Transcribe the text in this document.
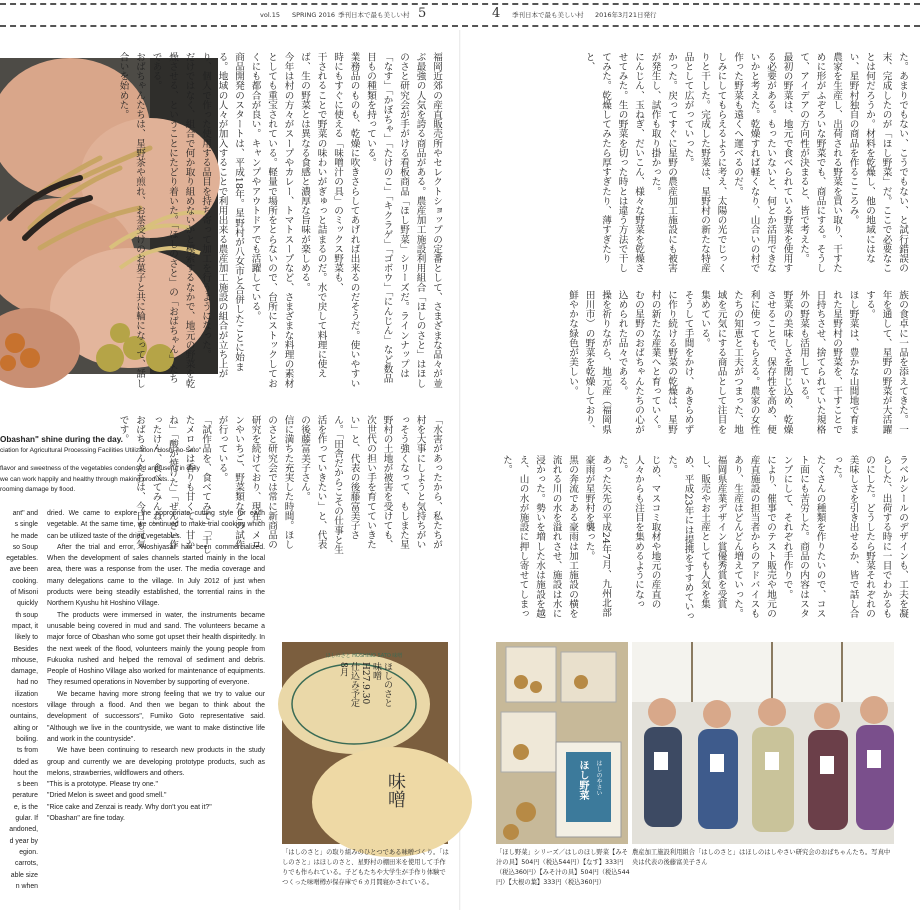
vol.15 SPRING 2016 季刊日本で最も美しい村 5	4 季刊日本で最も美しい村 2016年3月21日発行

福岡近郊の産直販売所やセレクトショップの定番として、さまざまな品々が並ぶ最強の人気を誇る商品がある。農産加工施設利用組合「ほしのさと」はほしのさと研究会が手がける看板商品「ほし野菜」シリーズだ。ラインナップは「なす」「かぼちゃ」「たけのこ」「キクラゲ」「ゴボウ」「にんじん」など数品目もの種類を持っている。

業務品のものも、乾燥に吹きさらしてあげれば出来るのだそうだ。使いやすい時にもすぐに使える「味噌汁の具」のミックス野菜も、

干されることで野菜の味わいがぎゅっと詰まるのだ。水で戻して料理に使えば、生の野菜とは異なる食感と濃厚な旨味が楽しめる。

今年は村の方々がスープやカレー、トマトスープなど、さまざまな料理の素材としても重宝されている。軽量で場所をとらないので、台所にストックしておくにも都合が良い。キャンプやアウトドアでも活躍している。

商品開発のスタートは、平成18年。星野村が八女市と合併したことに始まる。地域の人々が加入することで利用出来る農産加工施設の組合が立ち上がり、個人で作った使用する品目を持ち寄って加工を行うようになった。

だけではなく、組合で何か取り組めないかと模索するなかで、地元の野菜を乾燥させる、ということにたどり着いた。「ほしのさと」の「おばちゃん」たちである。

おばちゃんたちは、星野茶や煎れ、お茶受けのお菓子と共に輪になって、話し合いを始めた。

「水害があったから、私たちが村を大事にしようと気持ちがいっそう強くなって、もしまた星野村の土地が被害を受けても、次世代の担い手を育てていきたい」と、代表の後藤富美子さん。「田舎だからこその仕事と生活を作っていきたい」と、代表の後藤富美子さん。

信に満ちた充実した時間。ほしのさと研究会では常に新商品の研究を続けており、現在、メロンやいちご、野菜類などの試作が行っている。

「試作品を、食べてみて」「干したメロンは香りも甘くて、甘かね」「酸が焼けた」「ぜんざい作ったけん、食べてみんね」

おばちゃんたちは、今日も元気です。

Obashan" shine during the day.
ciation for Agricultural Processing Facilities Utilization "Hoshi-no-Sato"
flavor and sweetness of the vegetables condensed and useful in daily
we can work happily and healthy through making products.
rooming damage by flood.
ant" and
s single
he made
so Soup
egetables.
ave been
cooking.
of Misoni
quickly
th soup
mpact, it
likely to
Besides
mhouse,
damage,
had no
ilization
ncestors
ountains,
alting or
boiling.
ts from
dded as
hout the
s been
perature
e, is the
gular. If
andoned,
d year by
egion.
carrots,
able size
n when

dried. We came to explore the appropriate cutting style for each vegetable. At the same time, we continued to make trial cooking which can be utilized taste of the dried vegetables.

After the trial and error, "Hoshiyasai" has been commercialized. When the development of sales channels started mainly in the local area, there was a response from the user. The media coverage and many delegations came to the village. In July 2012 of just when products were being steadily established, the torrential rains in the Northern Kyushu hit Hoshino Village.

The products were immersed in water, the instruments became unusable being covered in mud and sand. The volunteers became a major force of Obashan who some got upset their health dispiritedly. In the next week of the flood, volunteers mainly the young people from Fukuoka rushed and helped the removal of sediment and debris. People of Hoshino Village also worked for maintenance of equipments. They resumed operations in November by supporting of everyone.

We became having more strong feeling that we try to value our village through a flood. And then we began to think about the development of successors", Fumiko Goto representative said. "Although we live in the countryside, we want to make distinctive life and work in the countryside".

We have been continuing to research new products in the study group and currently we are developing prototype products, such as melons, strawberries, wildflowers and others.

"This is a prototype. Please try one."

"Dried Melon is sweet and good smell."

"Rice cake and Zenzai is ready. Why don't you eat it?"

"Obashan" are fine today.

ほしのさと
味噌
H27.9.30
仕込み予定
8月
ほしのさと HOSHINO SATO 味噌
味噌

た。あまりでもない、こうでもない、と試行錯誤の末、完成したのが「ほし野菜」だ。ここで必要なことは何だろうか。材料を乾燥し、他の地域にはない、星野村独自の商品を作るこころみ。

農家を生産し、出荷される野菜を買い取り、干すために形がふぞろいな野菜でも、商品にする。そうして、アイデアの方向性が決まると、皆で考えた。

最初の野菜は、地元で食べられている野菜を使用する必要がある。もったいないと、何とか活用できないかと考えた。乾燥すれば軽くなり、山合いの村で作った野菜も遠くへ運べるのだ。

しみにしてもらえるように考え、太陽の光でじっくりと干した。完成した野菜は、星野村の新たな特産品として広がっていった。

かった。戻ってすぐに星野の農産加工施設にも被害が発生し、試作も取り掛かった。

にんじん、玉ねぎ、だいこん、様々な野菜を乾燥させてみた。生の野菜を切った時とは違う方法で干してみた。乾燥してみたら厚すぎたり、薄すぎたりと、

族の食卓に一品を添えてきた。一年を通して、星野の野菜が大活躍する。

ほし野菜は、豊かな山間地で育まれた星野村の野菜を、干すことで日持ちさせ、捨てられていた規格外の野菜も活用している。

野菜の美味しさを閉じ込め、乾燥させることで、保存性を高め、便利に使ってもらえる。農家の女性たちの知恵と工夫がつまった、地域を元気にする商品として注目を集めている。

そうして手間をかけ、あきらめずに作り続ける野菜の乾燥は、星野村の新たな産業へと育っていく。

むの星野のおばちゃんたちの心が込められた品々である。

操を祈りながら、地元産（福岡県田川市）の野菜を乾燥しており、鮮やかな緑色が美しい。

ラベルシールのデザインも、工夫を凝らした、出荷する時に一目でわかるものにした。どうしたら野菜それぞれの美味しさを引き出せるか、皆で話し合った。

たくさんの種類を作りたいので、コスト面にも苦労した。商品の内容はスタンプにして、それぞれ手作りで。

により、催事でのテスト販売や地元の産直施設の担当者からのアドバイスもあり、生産はどんどん増えていった。

福岡県産業デザイン賞優秀賞を受賞し、販売やお土産としても人気を集め、平成23年には提携をすすめていった。

じめ、マスコミ取材や地元の産直の人々からも注目を集めるようになった。

あった矢先の平成24年7月、九州北部豪雨が星野村を襲った。

黒の奔流である豪雨は加工施設の横を流れる川の水を溢れさせ、施設は水に浸かった。勢いを増した水は施設を越え、山の水が施設に押し寄せてしまった。

ほし野菜 はしのやさい
「はしのさと」の取り組みのひとつである味噌づくり。「はしのさと」はほしのさと、星野村の棚田米を使用して手作りでも作られている。子どもたちや大学生が手作り体験でつくった味噌樽が保存庫で６カ月間寝かされている。
「ほし野菜」シリーズ／はしのほし野菜【みそ汁の具】504円（税込544円）【なす】333円（税込360円）【みそ汁の具】504円（税込544円）【大根の葉】333円（税込360円）
農産加工施設利用組合「はしのさと」はほしのはしやさい研究会のおばちゃんたち。写真中央は代表の後藤富美子さん
